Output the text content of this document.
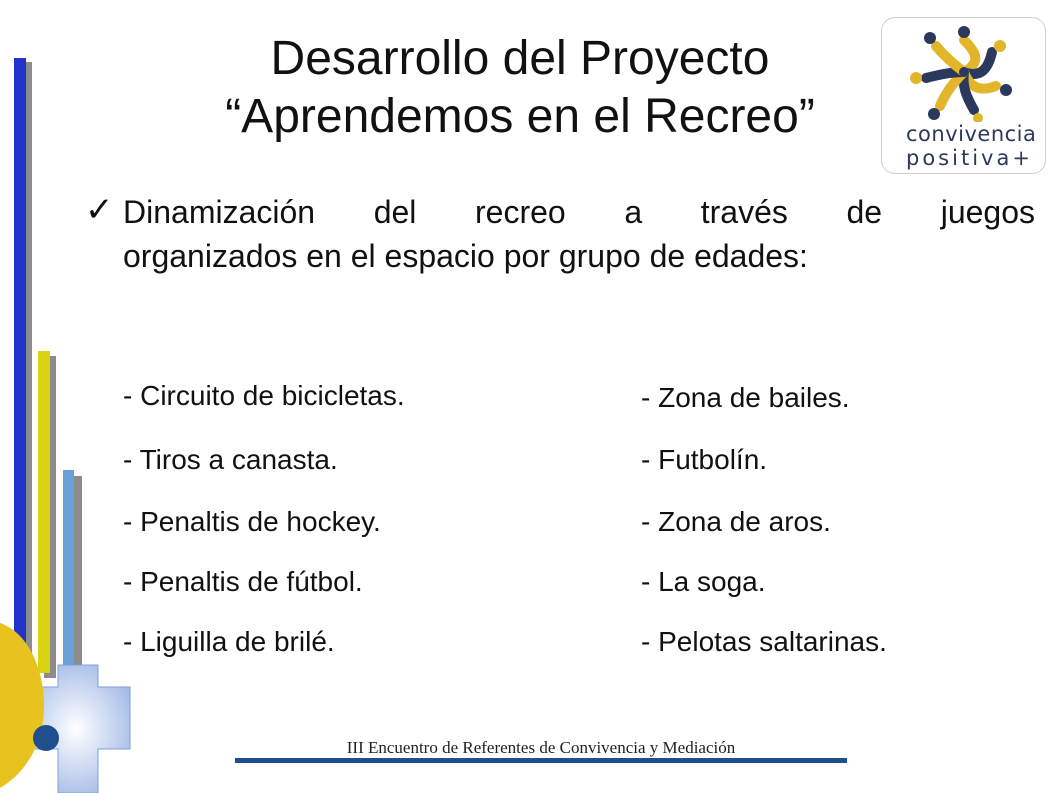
Desarrollo del Proyecto
“Aprendemos en el Recreo”	convivencia
positiva+
✓ Dinamización del recreo a través de juegos
organizados en el espacio por grupo de edades:
- Circuito de bicicletas.
- Tiros a canasta.
- Penaltis de hockey.
- Penaltis de fútbol.
- Liguilla de brilé.
- Zona de bailes.
- Futbolín.
- Zona de aros.
- La soga.
- Pelotas saltarinas.
III Encuentro de Referentes de Convivencia y Mediación
